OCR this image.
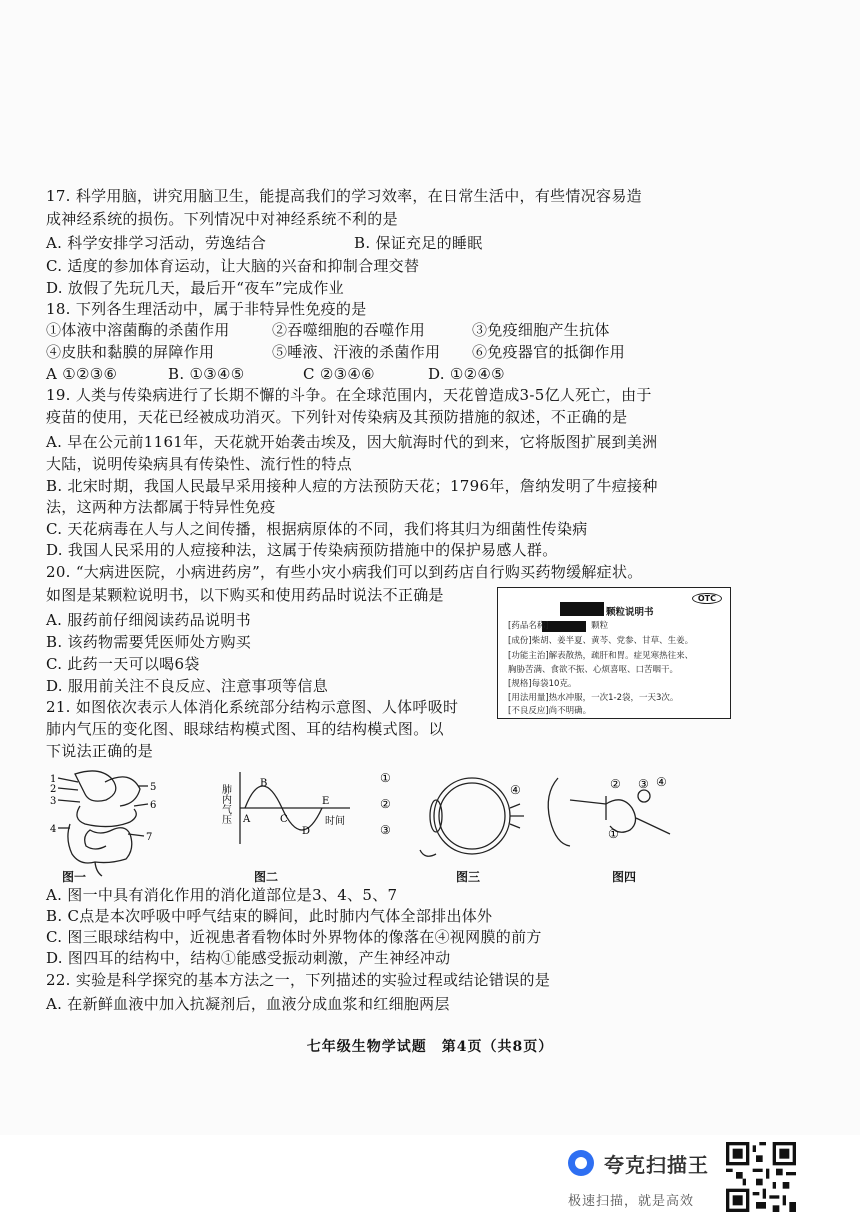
17. 科学用脑，讲究用脑卫生，能提高我们的学习效率，在日常生活中，有些情况容易造
成神经系统的损伤。下列情况中对神经系统不利的是
A. 科学安排学习活动，劳逸结合	B. 保证充足的睡眠
C. 适度的参加体育运动，让大脑的兴奋和抑制合理交替
D. 放假了先玩几天，最后开“夜车”完成作业
18. 下列各生理活动中，属于非特异性免疫的是
①体液中溶菌酶的杀菌作用	②吞噬细胞的吞噬作用	③免疫细胞产生抗体
④皮肤和黏膜的屏障作用	⑤唾液、汗液的杀菌作用 ⑥免疫器官的抵御作用
A ①②③⑥	B. ①③④⑤	C ②③④⑥	D. ①②④⑤
19. 人类与传染病进行了长期不懈的斗争。在全球范围内，天花曾造成3-5亿人死亡，由于
疫苗的使用，天花已经被成功消灭。下列针对传染病及其预防措施的叙述，不正确的是
A. 早在公元前1161年，天花就开始袭击埃及，因大航海时代的到来，它将版图扩展到美洲
大陆，说明传染病具有传染性、流行性的特点
B. 北宋时期，我国人民最早采用接种人痘的方法预防天花；1796年，詹纳发明了牛痘接种
法，这两种方法都属于特异性免疫
C. 天花病毒在人与人之间传播，根据病原体的不同，我们将其归为细菌性传染病
D. 我国人民采用的人痘接种法，这属于传染病预防措施中的保护易感人群。
20. “大病进医院，小病进药房”，有些小灾小病我们可以到药店自行购买药物缓解症状。
如图是某颗粒说明书，以下购买和使用药品时说法不正确是
A. 服药前仔细阅读药品说明书
B. 该药物需要凭医师处方购买
C. 此药一天可以喝6袋
D. 服用前关注不良反应、注意事项等信息
OTC
颗粒说明书
[药品名称]　　　　　颗粒
[成份]柴胡、姜半夏、黄芩、党参、甘草、生姜。
[功能主治]解表散热，疏肝和胃。症见寒热往来、
胸胁苦满、食欲不振、心烦喜呕、口苦咽干。
[规格]每袋10克。
[用法用量]热水冲服，一次1-2袋，一天3次。
[不良反应]尚不明确。
21. 如图依次表示人体消化系统部分结构示意图、人体呼吸时
肺内气压的变化图、眼球结构模式图、耳的结构模式图。以
下说法正确的是
1
2
3
4
5
6
7
肺内气压	时间
A
B
C
D
E
①
②
③
④	② ③ ④
①
图一	图二	图三	图四
A. 图一中具有消化作用的消化道部位是3、4、5、7
B. C点是本次呼吸中呼气结束的瞬间，此时肺内气体全部排出体外
C. 图三眼球结构中，近视患者看物体时外界物体的像落在④视网膜的前方
D. 图四耳的结构中，结构①能感受振动刺激，产生神经冲动
22. 实验是科学探究的基本方法之一，下列描述的实验过程或结论错误的是
A. 在新鲜血液中加入抗凝剂后，血液分成血浆和红细胞两层
七年级生物学试题　第4页（共8页）
夸克扫描王
极速扫描，就是高效
